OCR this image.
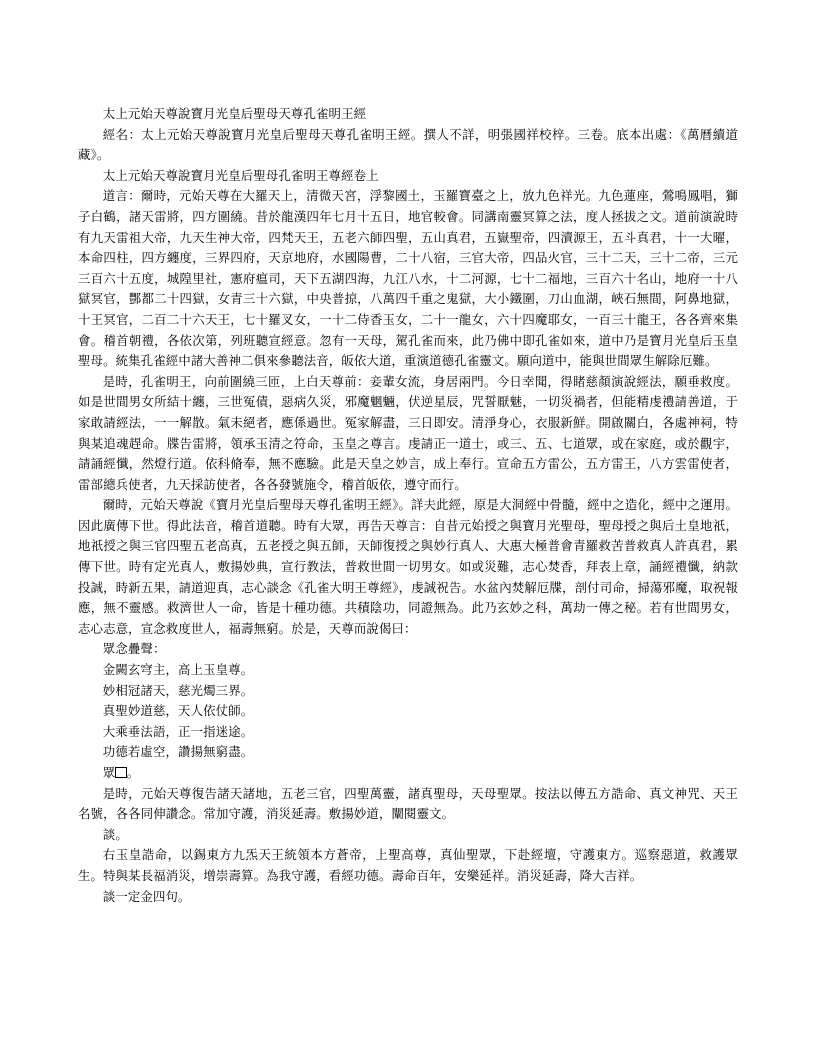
太上元始天尊說寶月光皇后聖母天尊孔雀明王經

經名：太上元始天尊說寶月光皇后聖母天尊孔雀明王經。撰人不詳，明張國祥校梓。三卷。底本出處：《萬曆續道藏》。

太上元始天尊說寶月光皇后聖母孔雀明王尊經卷上

道言：爾時，元始天尊在大羅天上，清微天宮，浮黎國土，玉羅寶臺之上，放九色祥光。九色蓮座，鶯鳴鳳唱，獅子白鶴，諸天雷將，四方圍繞。昔於龍漢四年七月十五日，地官較會。同講南靈冥算之法，度人拯拔之文。道前演說時有九天雷祖大帝，九天生神大帝，四梵天王，五老六師四聖，五山真君，五嶽聖帝，四瀆源王，五斗真君，十一大曜，本命四柱，四方纏度，三界四府，天京地府，水國陽曹，二十八宿，三官大帝，四品火官，三十二天，三十二帝，三元三百六十五度，城隍里社，憲府瘟司，天下五湖四海，九江八水，十二河源，七十二福地，三百六十名山，地府一十八獄冥官，酆都二十四獄，女青三十六獄，中央普掠，八萬四千重之鬼獄，大小鐵圍，刀山血湖，峽石無間，阿鼻地獄，十王冥官，二百二十六天王，七十羅叉女，一十二侍香玉女，二十一龍女，六十四魔耶女，一百三十龍王，各各齊來集會。稽首朝禮，各依次第，列班聽宣經意。忽有一天母，駕孔雀而來，此乃佛中即孔雀如來，道中乃是寶月光皇后玉皇聖母。統集孔雀經中諸大善神二俱來參聽法音，皈依大道，重演道德孔雀靈文。願向道中，能與世間眾生解除厄難。

是時，孔雀明王，向前圍繞三匝，上白天尊前：妾輩女流，身居兩門。今日幸聞，得睹慈顏演說經法，願垂救度。如是世間男女所結十纏，三世冤債，惡病久災，邪魔魍魎，伏逆星辰，咒誓厭魅，一切災禍者，但能精虔禮請善道，于家敢請經法，一一解散。氣未絕者，應係過世。冤家解盡，三日即安。清淨身心，衣服新鮮。開啟關白，各處神祠，特與某追魂趕命。牒告雷將，領承玉清之符命，玉皇之尊言。虔請正一道士，或三、五、七道眾，或在家庭，或於觀宇，請誦經懺，然燈行道。依科脩奉，無不應驗。此是天皇之妙言，成上奉行。宣命五方雷公，五方雷王，八方雲雷使者，雷部總兵使者，九天採訪使者，各各發號施令，稽首皈依，遵守而行。

爾時，元始天尊說《寶月光皇后聖母天尊孔雀明王經》。詳夫此經，原是大洞經中骨髓，經中之造化，經中之運用。因此廣傳下世。得此法音，稽首道聽。時有大眾，再告天尊言：自昔元始授之與寶月光聖母，聖母授之與后土皇地祇，地祇授之與三官四聖五老高真，五老授之與五師，天師復授之與妙行真人、大惠大極普會青羅救苦普救真人許真君，累傳下世。時有定光真人，敷揚妙典，宣行教法，普救世間一切男女。如或災難，志心焚香，拜表上章，誦經禮懺，納款投誠，時新五果，請道迎真，志心談念《孔雀大明王尊經》，虔誠祝告。水盆內焚解厄牒，剖付司命，掃蕩邪魔，取祝報應，無不靈感。救濟世人一命，皆是十種功德。共積陰功，同證無為。此乃玄妙之科，萬劫一傳之秘。若有世間男女，志心志意，宣念救度世人，福壽無窮。於是，天尊而說偈曰：

眾念疊聲：

金闕玄穹主，高上玉皇尊。

妙相冠諸天，慈光燭三界。

真聖妙道慈，天人依仗師。

大乘垂法語，正一指迷途。

功德若虛空，讚揚無窮盡。

眾 。

是時，元始天尊復告諸天諸地，五老三官，四聖萬靈，諸真聖母，天母聖眾。按法以傳五方誥命、真文神咒、天王名號，各各同伸讚念。常加守護，消災延壽。敷揚妙道，闡閱靈文。

談。

右玉皇誥命，以錫東方九炁天王統領本方蒼帝，上聖高尊，真仙聖眾，下赴經壇，守護東方。巡察惡道，救護眾生。特與某長福消災，增崇壽算。為我守護，看經功德。壽命百年，安樂延祥。消災延壽，降大吉祥。

談一定金四句。
